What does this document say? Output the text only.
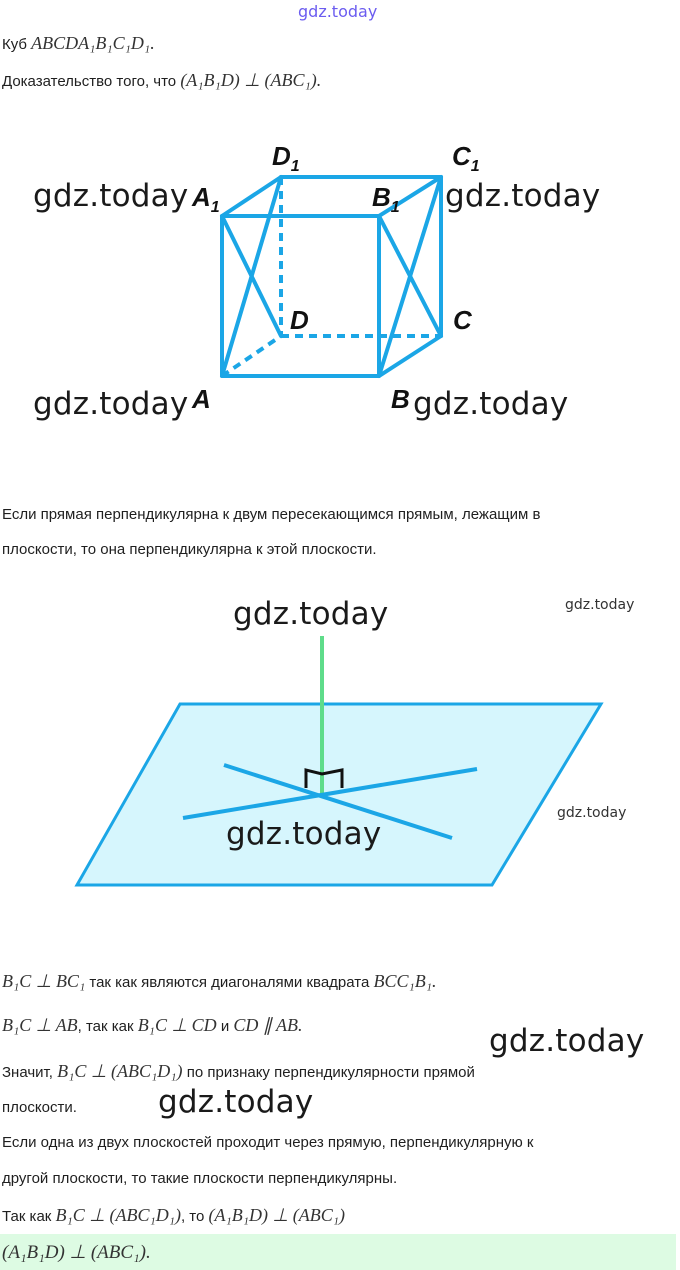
gdz.today
Куб ABCDA₁B₁C₁D₁.
Доказательство того, что (A₁B₁D) ⊥ (ABC₁).
$D_1$	$C_1$
$A_1$	$B_1$
D	C
A	B
gdz.today	gdz.today
gdz.today	gdz.today
Если прямая перпендикулярна к двум пересекающимся прямым, лежащим в
плоскости, то она перпендикулярна к этой плоскости.
gdz.today	gdz.today
gdz.today
gdz.today
B₁C ⊥ BC₁ так как являются диагоналями квадрата BCC₁B₁.
B₁C ⊥ AB, так как B₁C ⊥ CD и CD ∥ AB.	gdz.today
Значит, B₁C ⊥ (ABC₁D₁) по признаку перпендикулярности прямой
плоскости.	gdz.today
Если одна из двух плоскостей проходит через прямую, перпендикулярную к
другой плоскости, то такие плоскости перпендикулярны.
Так как B₁C ⊥ (ABC₁D₁), то (A₁B₁D) ⊥ (ABC₁)
(A₁B₁D) ⊥ (ABC₁).
